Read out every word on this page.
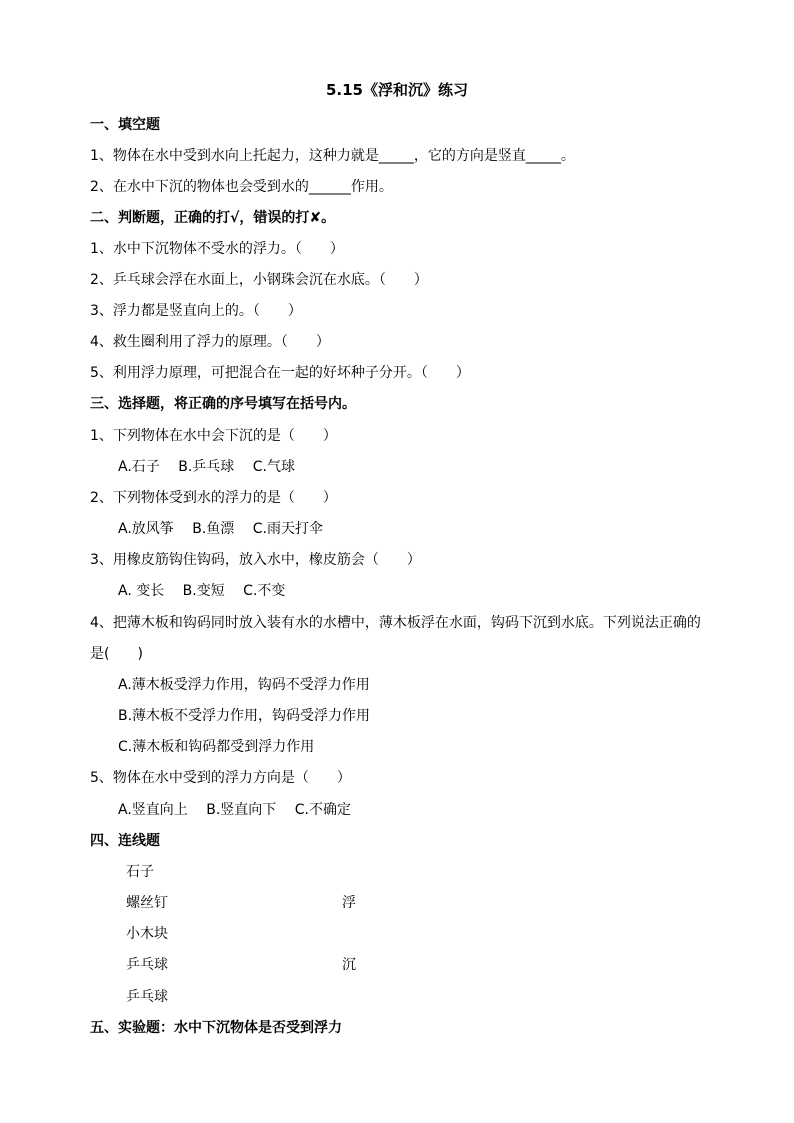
5.15《浮和沉》练习
一、填空题
1、物体在水中受到水向上托起力，这种力就是_____，它的方向是竖直_____。
2、在水中下沉的物体也会受到水的______作用。
二、判断题，正确的打√，错误的打✘。
1、水中下沉物体不受水的浮力。（　　）
2、乒乓球会浮在水面上，小钢珠会沉在水底。（　　）
3、浮力都是竖直向上的。（　　）
4、救生圈利用了浮力的原理。（　　）
5、利用浮力原理，可把混合在一起的好坏种子分开。（　　）
三、选择题，将正确的序号填写在括号内。
1、下列物体在水中会下沉的是（　　）
A.石子　 B.乒乓球　 C.气球
2、下列物体受到水的浮力的是（　　）
A.放风筝　 B.鱼漂　 C.雨天打伞
3、用橡皮筋钩住钩码，放入水中，橡皮筋会（　　）
A. 变长　 B.变短　 C.不变
4、把薄木板和钩码同时放入装有水的水槽中，薄木板浮在水面，钩码下沉到水底。下列说法正确的
是(　　)
A.薄木板受浮力作用，钩码不受浮力作用
B.薄木板不受浮力作用，钩码受浮力作用
C.薄木板和钩码都受到浮力作用
5、物体在水中受到的浮力方向是（　　）
A.竖直向上　 B.竖直向下　 C.不确定
四、连线题
石子
螺丝钉	浮
小木块
乒乓球	沉
乒乓球
五、实验题：水中下沉物体是否受到浮力
